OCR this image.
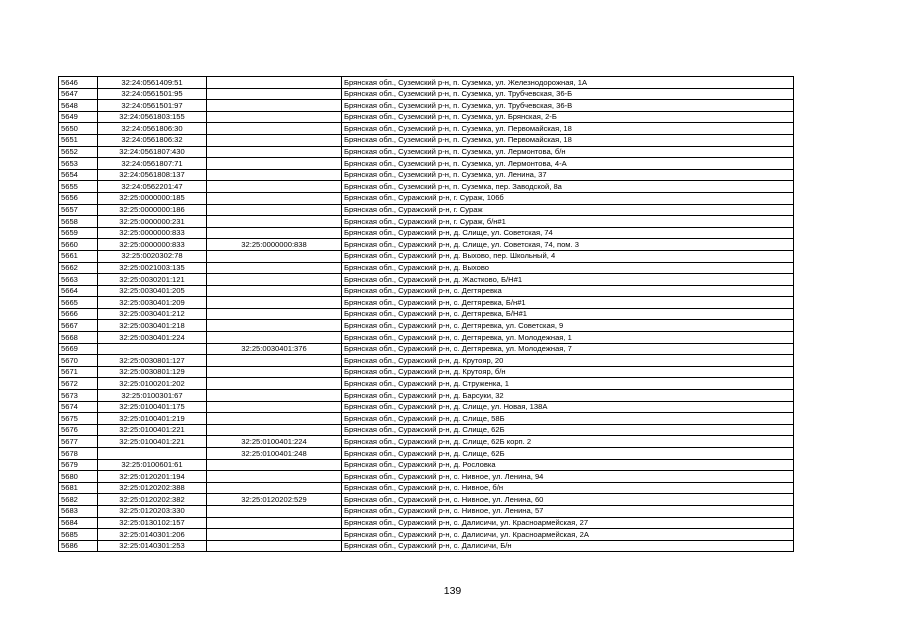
5646	32:24:0561409:51		Брянская обл., Суземский р-н, п. Суземка, ул. Железнодорожная, 1А
5647	32:24:0561501:95		Брянская обл., Суземский р-н, п. Суземка, ул. Трубчевская, 36-Б
5648	32:24:0561501:97		Брянская обл., Суземский р-н, п. Суземка, ул. Трубчевская, 36-В
5649	32:24:0561803:155		Брянская обл., Суземский р-н, п. Суземка, ул. Брянская, 2-Б
5650	32:24:0561806:30		Брянская обл., Суземский р-н, п. Суземка, ул. Первомайская, 18
5651	32:24:0561806:32		Брянская обл., Суземский р-н, п. Суземка, ул. Первомайская, 18
5652	32:24:0561807:430		Брянская обл., Суземский р-н, п. Суземка, ул. Лермонтова, б/н
5653	32:24:0561807:71		Брянская обл., Суземский р-н, п. Суземка, ул. Лермонтова, 4-А
5654	32:24:0561808:137		Брянская обл., Суземский р-н, п. Суземка, ул. Ленина, 37
5655	32:24:0562201:47		Брянская обл., Суземский р-н, п. Суземка, пер. Заводской, 8а
5656	32:25:0000000:185		Брянская обл., Суражский р-н, г. Сураж, 106б
5657	32:25:0000000:186		Брянская обл., Суражский р-н, г. Сураж
5658	32:25:0000000:231		Брянская обл., Суражский р-н, г. Сураж, б/н#1
5659	32:25:0000000:833		Брянская обл., Суражский р-н, д. Слище, ул. Советская, 74
5660	32:25:0000000:833	32:25:0000000:838	Брянская обл., Суражский р-н, д. Слище, ул. Советская, 74, пом. 3
5661	32:25:0020302:78		Брянская обл., Суражский р-н, д. Выхово, пер. Школьный, 4
5662	32:25:0021003:135		Брянская обл., Суражский р-н, д. Выхово
5663	32:25:0030201:121		Брянская обл., Суражский р-н, д. Жастково, Б/Н#1
5664	32:25:0030401:205		Брянская обл., Суражский р-н, с. Дегтяревка
5665	32:25:0030401:209		Брянская обл., Суражский р-н, с. Дегтяревка, Б/н#1
5666	32:25:0030401:212		Брянская обл., Суражский р-н, с. Дегтяревка, Б/Н#1
5667	32:25:0030401:218		Брянская обл., Суражский р-н, с. Дегтяревка, ул. Советская, 9
5668	32:25:0030401:224		Брянская обл., Суражский р-н, с. Дегтяревка, ул. Молодежная, 1
5669		32:25:0030401:376	Брянская обл., Суражский р-н, с. Дегтяревка, ул. Молодежная, 7
5670	32:25:0030801:127		Брянская обл., Суражский р-н, д. Крутояр, 20
5671	32:25:0030801:129		Брянская обл., Суражский р-н, д. Крутояр, б/н
5672	32:25:0100201:202		Брянская обл., Суражский р-н, д. Струженка, 1
5673	32:25:0100301:67		Брянская обл., Суражский р-н, д. Барсуки, 32
5674	32:25:0100401:175		Брянская обл., Суражский р-н, д. Слище, ул. Новая, 138А
5675	32:25:0100401:219		Брянская обл., Суражский р-н, д. Слище, 58Б
5676	32:25:0100401:221		Брянская обл., Суражский р-н, д. Слище, 62Б
5677	32:25:0100401:221	32:25:0100401:224	Брянская обл., Суражский р-н, д. Слище, 62Б корп. 2
5678		32:25:0100401:248	Брянская обл., Суражский р-н, д. Слище, 62Б
5679	32:25:0100601:61		Брянская обл., Суражский р-н, д. Рословка
5680	32:25:0120201:194		Брянская обл., Суражский р-н, с. Нивное, ул. Ленина, 94
5681	32:25:0120202:388		Брянская обл., Суражский р-н, с. Нивное, б/н
5682	32:25:0120202:382	32:25:0120202:529	Брянская обл., Суражский р-н, с. Нивное, ул. Ленина, 60
5683	32:25:0120203:330		Брянская обл., Суражский р-н, с. Нивное, ул. Ленина, 57
5684	32:25:0130102:157		Брянская обл., Суражский р-н, с. Далисичи, ул. Красноармейская, 27
5685	32:25:0140301:206		Брянская обл., Суражский р-н, с. Далисичи, ул. Красноармейская, 2А
5686	32:25:0140301:253		Брянская обл., Суражский р-н, с. Далисичи, Б/н
139
